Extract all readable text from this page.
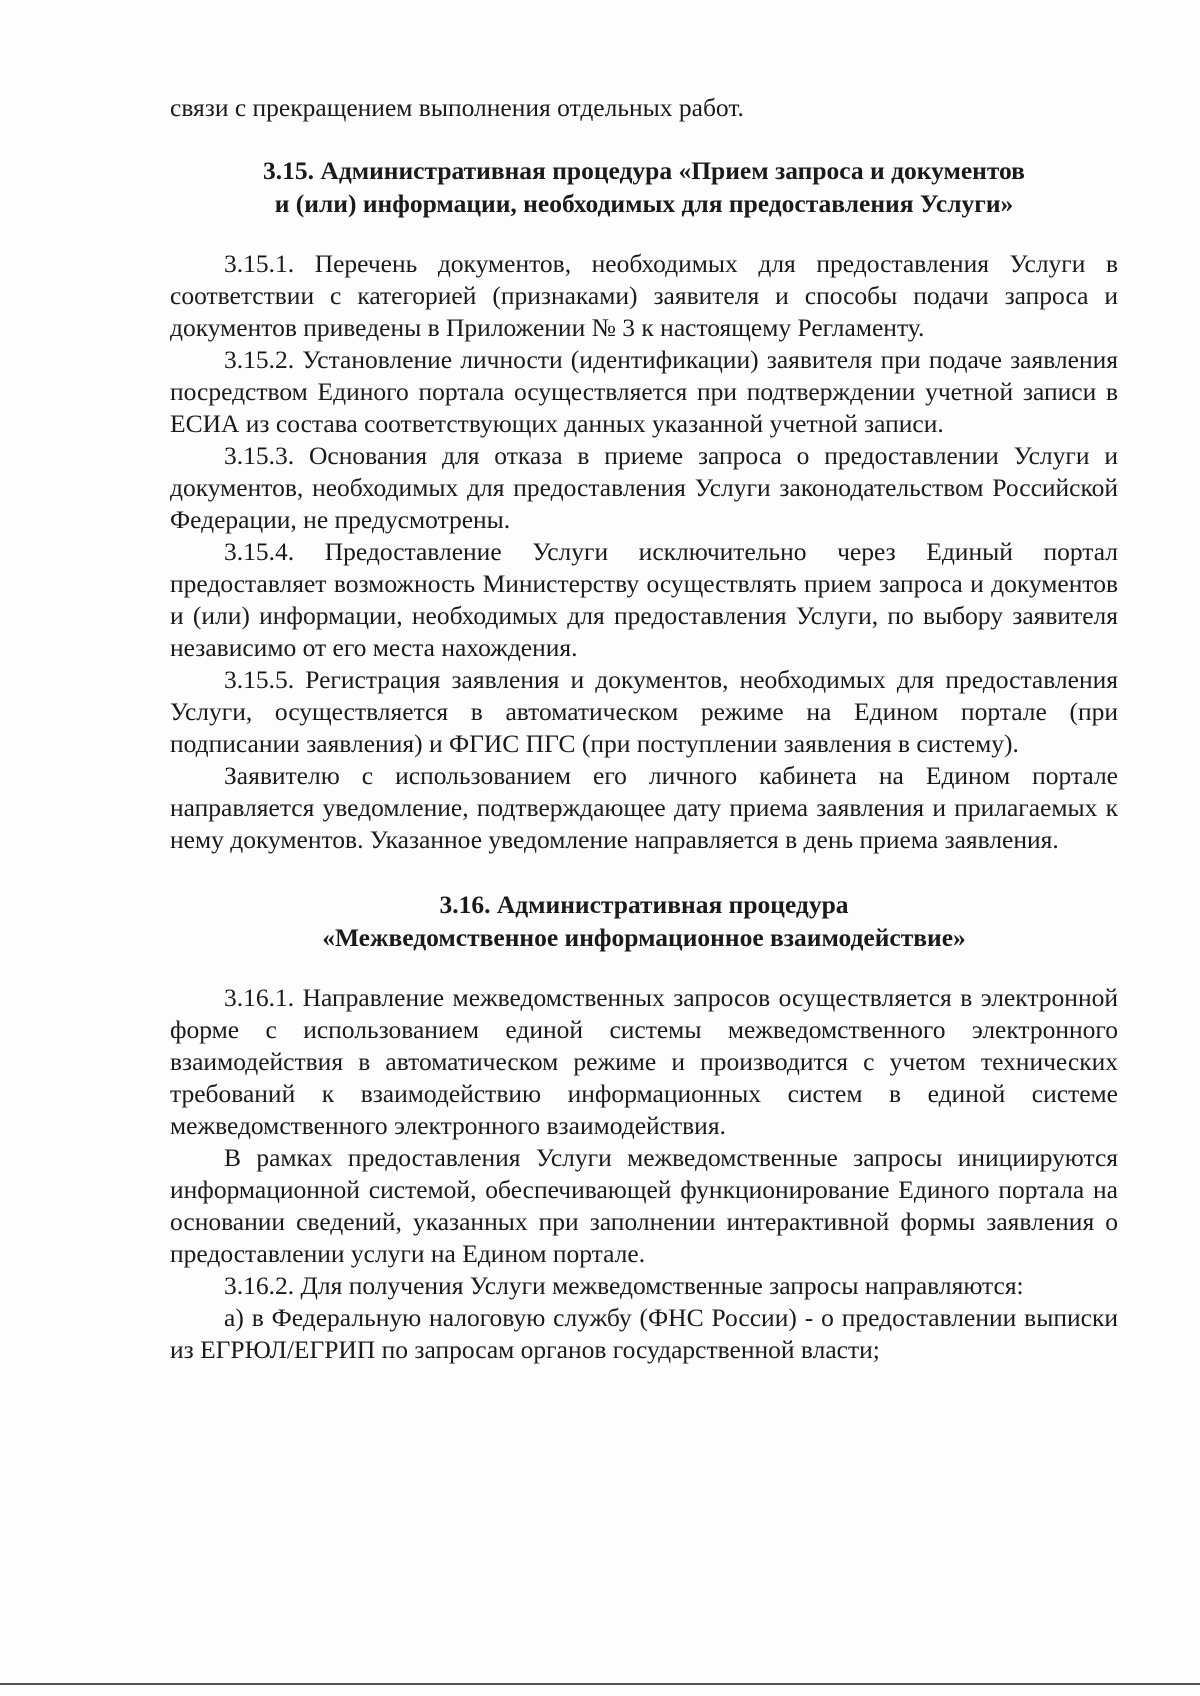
связи с прекращением выполнения отдельных работ.

3.15. Административная процедура «Прием запроса и документов
и (или) информации, необходимых для предоставления Услуги»

3.15.1. Перечень документов, необходимых для предоставления Услуги в соответствии с категорией (признаками) заявителя и способы подачи запроса и документов приведены в Приложении № 3 к настоящему Регламенту.

3.15.2. Установление личности (идентификации) заявителя при подаче заявления посредством Единого портала осуществляется при подтверждении учетной записи в ЕСИА из состава соответствующих данных указанной учетной записи.

3.15.3. Основания для отказа в приеме запроса о предоставлении Услуги и документов, необходимых для предоставления Услуги законодательством Российской Федерации, не предусмотрены.

3.15.4. Предоставление Услуги исключительно через Единый портал предоставляет возможность Министерству осуществлять прием запроса и документов и (или) информации, необходимых для предоставления Услуги, по выбору заявителя независимо от его места нахождения.

3.15.5. Регистрация заявления и документов, необходимых для предоставления Услуги, осуществляется в автоматическом режиме на Едином портале (при подписании заявления) и ФГИС ПГС (при поступлении заявления в систему).

Заявителю с использованием его личного кабинета на Едином портале направляется уведомление, подтверждающее дату приема заявления и прилагаемых к нему документов. Указанное уведомление направляется в день приема заявления.

3.16. Административная процедура
«Межведомственное информационное взаимодействие»

3.16.1. Направление межведомственных запросов осуществляется в электронной форме с использованием единой системы межведомственного электронного взаимодействия в автоматическом режиме и производится с учетом технических требований к взаимодействию информационных систем в единой системе межведомственного электронного взаимодействия.

В рамках предоставления Услуги межведомственные запросы инициируются информационной системой, обеспечивающей функционирование Единого портала на основании сведений, указанных при заполнении интерактивной формы заявления о предоставлении услуги на Едином портале.

3.16.2. Для получения Услуги межведомственные запросы направляются:

а) в Федеральную налоговую службу (ФНС России) - о предоставлении выписки из ЕГРЮЛ/ЕГРИП по запросам органов государственной власти;
